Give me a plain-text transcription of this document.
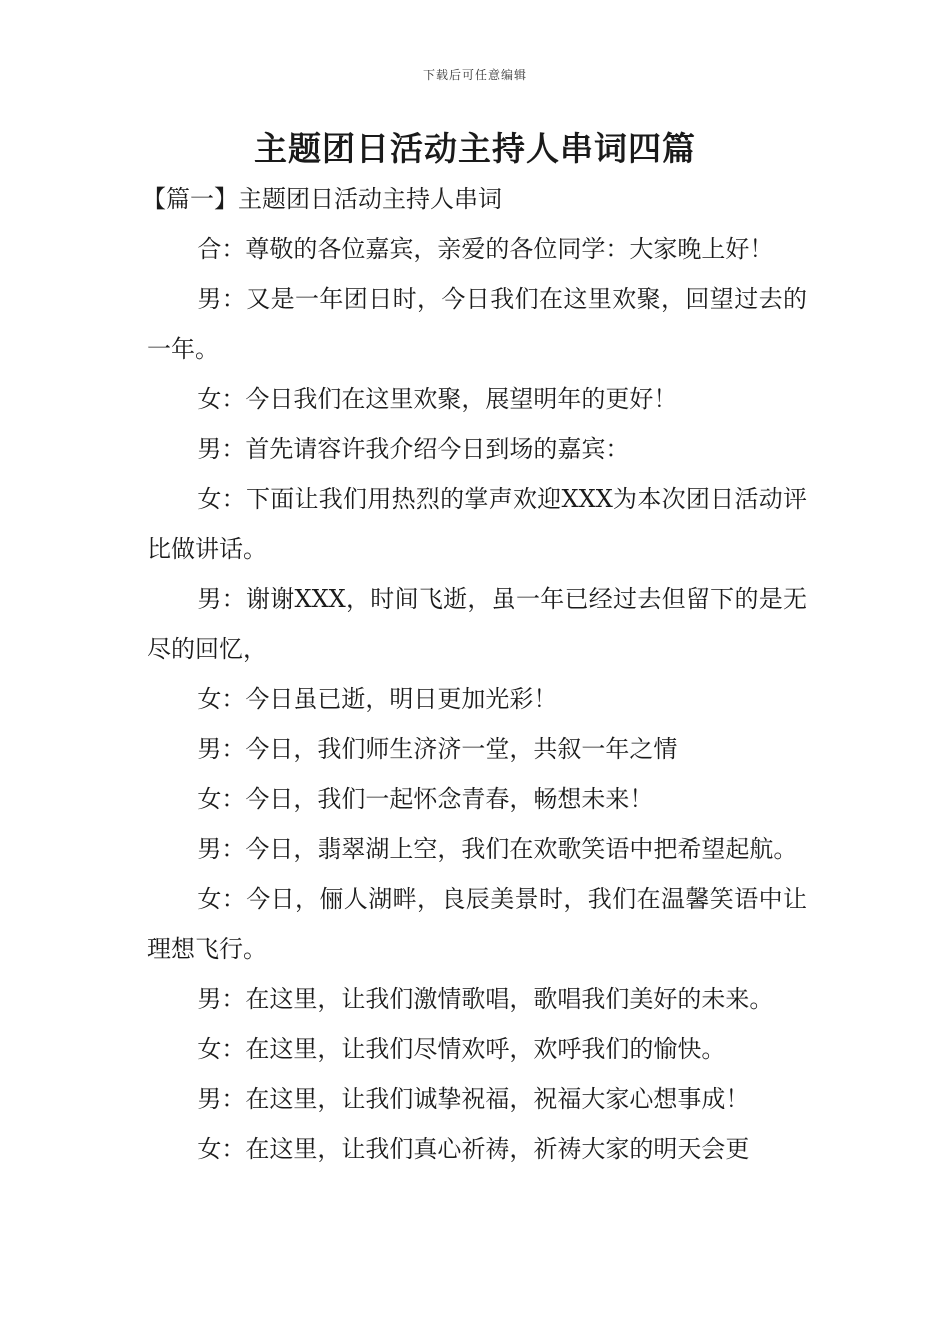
下载后可任意编辑
主题团日活动主持人串词四篇
【篇一】主题团日活动主持人串词

合：尊敬的各位嘉宾，亲爱的各位同学：大家晚上好！

男：又是一年团日时，今日我们在这里欢聚，回望过去的一年。

女：今日我们在这里欢聚，展望明年的更好！

男：首先请容许我介绍今日到场的嘉宾：

女：下面让我们用热烈的掌声欢迎XXX为本次团日活动评比做讲话。

男：谢谢XXX，时间飞逝，虽一年已经过去但留下的是无尽的回忆，

女：今日虽已逝，明日更加光彩！

男：今日，我们师生济济一堂，共叙一年之情

女：今日，我们一起怀念青春，畅想未来！

男：今日，翡翠湖上空，我们在欢歌笑语中把希望起航。

女：今日，俪人湖畔，良辰美景时，我们在温馨笑语中让理想飞行。

男：在这里，让我们激情歌唱，歌唱我们美好的未来。

女：在这里，让我们尽情欢呼，欢呼我们的愉快。

男：在这里，让我们诚挚祝福，祝福大家心想事成！

女：在这里，让我们真心祈祷，祈祷大家的明天会更
